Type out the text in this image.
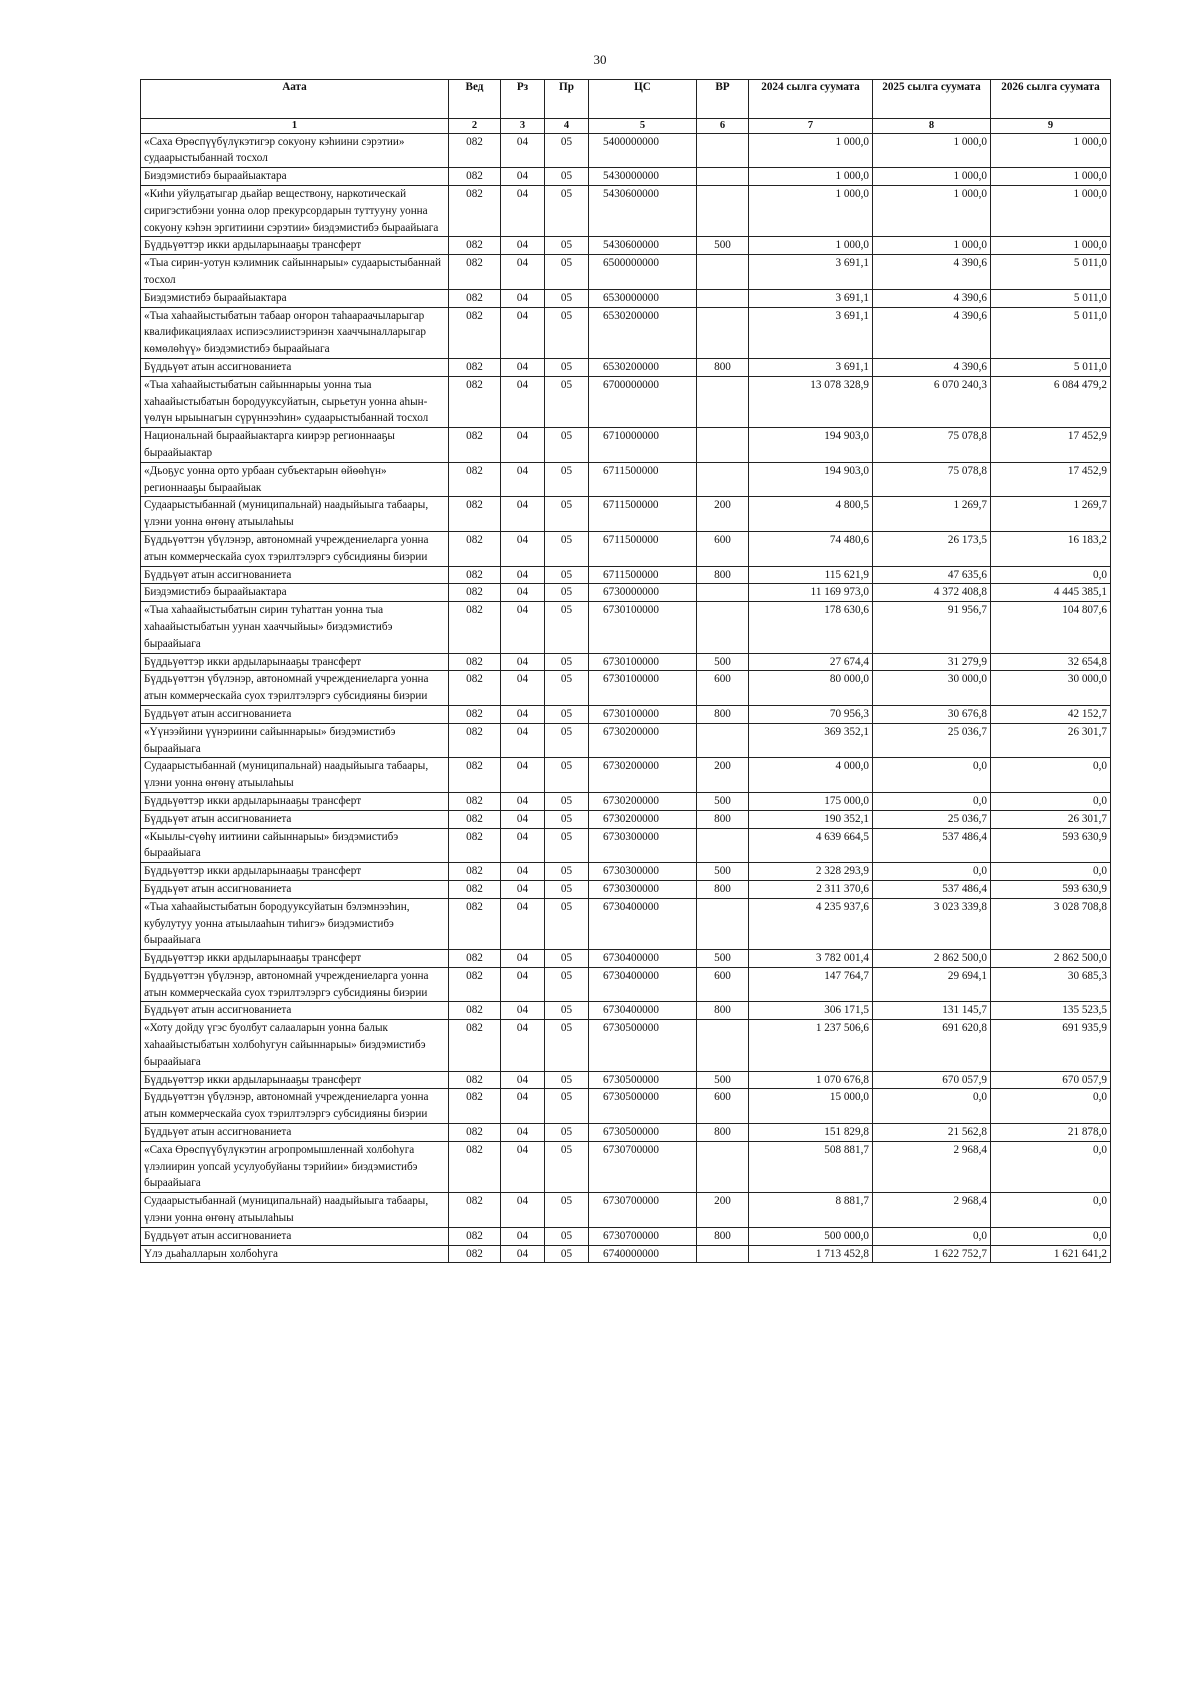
30
Аата	Вед	Рз	Пр	ЦС	ВР	2024 сылга суумата	2025 сылга суумата	2026 сылга суумата
1	2	3	4	5	6	7	8	9
«Саха Өрөспүүбүлүкэтигэр сокуону кэһиини сэрэтии» судаарыстыбаннай тосхол	082	04	05	5400000000		1 000,0	1 000,0	1 000,0
Биэдэмистибэ быраайыактара	082	04	05	5430000000		1 000,0	1 000,0	1 000,0
«Киһи уйулҕатыгар дьайар веществону, наркотическай сиригэстибэни уонна олор прекурсордарын туттууну уонна сокуону кэһэн эргитиини сэрэтии» биэдэмистибэ быраайыага	082	04	05	5430600000		1 000,0	1 000,0	1 000,0
Бүддьүөттэр икки ардыларынааҕы трансферт	082	04	05	5430600000	500	1 000,0	1 000,0	1 000,0
«Тыа сирин-уотун кэлимник сайыннарыы» судаарыстыбаннай тосхол	082	04	05	6500000000		3 691,1	4 390,6	5 011,0
Биэдэмистибэ быраайыактара	082	04	05	6530000000		3 691,1	4 390,6	5 011,0
«Тыа хаһаайыстыбатын табаар оҥорон таһаараачыларыгар квалификациялаах испиэсэлиистэринэн хааччыналларыгар көмөлөһүү» биэдэмистибэ быраайыага	082	04	05	6530200000		3 691,1	4 390,6	5 011,0
Бүддьүөт атын ассигнованиета	082	04	05	6530200000	800	3 691,1	4 390,6	5 011,0
«Тыа хаһаайыстыбатын сайыннарыы уонна тыа хаһаайыстыбатын бородууксуйатын, сырьетун уонна аһын-үөлүн ырыынагын сүрүннээһин» судаарыстыбаннай тосхол	082	04	05	6700000000		13 078 328,9	6 070 240,3	6 084 479,2
Национальнай быраайыактарга киирэр регионнааҕы быраайыактар	082	04	05	6710000000		194 903,0	75 078,8	17 452,9
«Дьоҕус уонна орто урбаан субъектарын өйөөһүн» регионнааҕы быраайыак	082	04	05	6711500000		194 903,0	75 078,8	17 452,9
Судаарыстыбаннай (муниципальнай) наадыйыыга табаары, үлэни уонна өҥөнү атыылаһыы	082	04	05	6711500000	200	4 800,5	1 269,7	1 269,7
Бүддьүөттэн үбүлэнэр, автономнай учреждениеларга уонна атын коммерческайа суох тэрилтэлэргэ субсидияны биэрии	082	04	05	6711500000	600	74 480,6	26 173,5	16 183,2
Бүддьүөт атын ассигнованиета	082	04	05	6711500000	800	115 621,9	47 635,6	0,0
Биэдэмистибэ быраайыактара	082	04	05	6730000000		11 169 973,0	4 372 408,8	4 445 385,1
«Тыа хаһаайыстыбатын сирин туһаттан уонна тыа хаһаайыстыбатын уунан хааччыйыы» биэдэмистибэ быраайыага	082	04	05	6730100000		178 630,6	91 956,7	104 807,6
Бүддьүөттэр икки ардыларынааҕы трансферт	082	04	05	6730100000	500	27 674,4	31 279,9	32 654,8
Бүддьүөттэн үбүлэнэр, автономнай учреждениеларга уонна атын коммерческайа суох тэрилтэлэргэ субсидияны биэрии	082	04	05	6730100000	600	80 000,0	30 000,0	30 000,0
Бүддьүөт атын ассигнованиета	082	04	05	6730100000	800	70 956,3	30 676,8	42 152,7
«Үүнээйини үүнэриини сайыннарыы» биэдэмистибэ быраайыага	082	04	05	6730200000		369 352,1	25 036,7	26 301,7
Судаарыстыбаннай (муниципальнай) наадыйыыга табаары, үлэни уонна өҥөнү атыылаһыы	082	04	05	6730200000	200	4 000,0	0,0	0,0
Бүддьүөттэр икки ардыларынааҕы трансферт	082	04	05	6730200000	500	175 000,0	0,0	0,0
Бүддьүөт атын ассигнованиета	082	04	05	6730200000	800	190 352,1	25 036,7	26 301,7
«Кыылы-сүөһү иитиини сайыннарыы» биэдэмистибэ быраайыага	082	04	05	6730300000		4 639 664,5	537 486,4	593 630,9
Бүддьүөттэр икки ардыларынааҕы трансферт	082	04	05	6730300000	500	2 328 293,9	0,0	0,0
Бүддьүөт атын ассигнованиета	082	04	05	6730300000	800	2 311 370,6	537 486,4	593 630,9
«Тыа хаһаайыстыбатын бородууксуйатын бэлэмнээһин, кубулутуу уонна атыылааһын тиһигэ» биэдэмистибэ быраайыага	082	04	05	6730400000		4 235 937,6	3 023 339,8	3 028 708,8
Бүддьүөттэр икки ардыларынааҕы трансферт	082	04	05	6730400000	500	3 782 001,4	2 862 500,0	2 862 500,0
Бүддьүөттэн үбүлэнэр, автономнай учреждениеларга уонна атын коммерческайа суох тэрилтэлэргэ субсидияны биэрии	082	04	05	6730400000	600	147 764,7	29 694,1	30 685,3
Бүддьүөт атын ассигнованиета	082	04	05	6730400000	800	306 171,5	131 145,7	135 523,5
«Хоту дойду үгэс буолбут салааларын уонна балык хаһаайыстыбатын холбоһугун сайыннарыы» биэдэмистибэ быраайыага	082	04	05	6730500000		1 237 506,6	691 620,8	691 935,9
Бүддьүөттэр икки ардыларынааҕы трансферт	082	04	05	6730500000	500	1 070 676,8	670 057,9	670 057,9
Бүддьүөттэн үбүлэнэр, автономнай учреждениеларга уонна атын коммерческайа суох тэрилтэлэргэ субсидияны биэрии	082	04	05	6730500000	600	15 000,0	0,0	0,0
Бүддьүөт атын ассигнованиета	082	04	05	6730500000	800	151 829,8	21 562,8	21 878,0
«Саха Өрөспүүбүлүкэтин агропромышленнай холбоһуга үлэлиирин уопсай усулуобуйаны тэрийии» биэдэмистибэ быраайыага	082	04	05	6730700000		508 881,7	2 968,4	0,0
Судаарыстыбаннай (муниципальнай) наадыйыыга табаары, үлэни уонна өҥөнү атыылаһыы	082	04	05	6730700000	200	8 881,7	2 968,4	0,0
Бүддьүөт атын ассигнованиета	082	04	05	6730700000	800	500 000,0	0,0	0,0
Үлэ дьаһалларын холбоһуга	082	04	05	6740000000		1 713 452,8	1 622 752,7	1 621 641,2
